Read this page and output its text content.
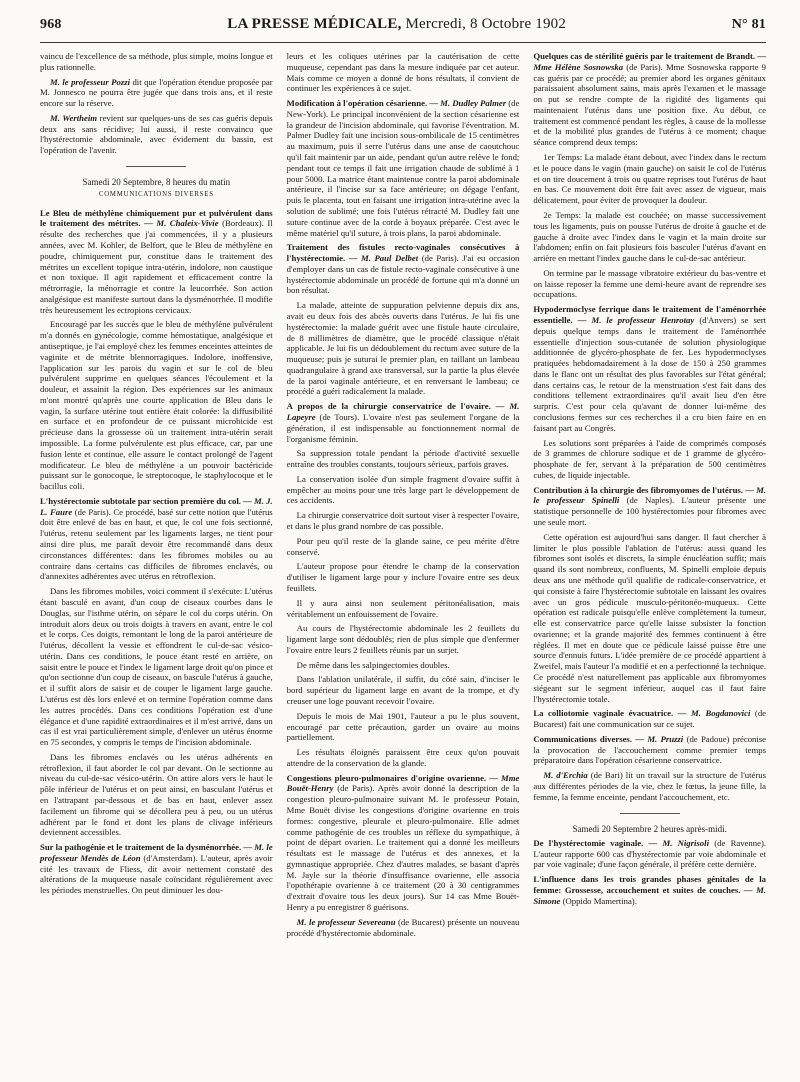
968	LA PRESSE MÉDICALE, Mercredi, 8 Octobre 1902	N° 81

vaincu de l'excellence de sa méthode, plus simple, moins longue et plus rationnelle.

M. le professeur Pozzi dit que l'opération étendue proposée par M. Jonnesco ne pourra être jugée que dans trois ans, et il reste encore sur la réserve.

M. Wertheim revient sur quelques-uns de ses cas guéris depuis deux ans sans récidive; lui aussi, il reste convaincu que l'hystérectomie abdominale, avec évidement du bassin, est l'opération de l'avenir.

Samedi 20 Septembre, 8 heures du matin
COMMUNICATIONS DIVERSES

Le Bleu de méthylène chimiquement pur et pulvérulent dans le traitement des métrites. — M. Chaleix-Vivie (Bordeaux). Il résulte des recherches que j'ai commencées, il y a plusieurs années, avec M. Kohler, de Belfort, que le Bleu de méthylène en poudre, chimiquement pur, constitue dans le traitement des métrites un excellent topique intra-utérin, indolore, non caustique et non toxique. Il agit rapidement et efficacement contre la métrorragie, la ménorragie et contre la leucorrhée. Son action analgésique est manifeste surtout dans la dysménorrhée. Il modifie très heureusement les ectropions cervicaux.

Encouragé par les succès que le bleu de méthylène pulvérulent m'a donnés en gynécologie, comme hémostatique, analgésique et antiseptique, je l'ai employé chez les femmes enceintes atteintes de vaginite et de métrite blennorragiques. Indolore, inoffensive, l'application sur les parois du vagin et sur le col de bleu pulvérulent supprime en quelques séances l'écoulement et la douleur, et assainit la région. Des expériences sur les animaux m'ont montré qu'après une courte application de Bleu dans le vagin, la surface utérine tout entière était colorée: la diffusibilité en surface et en profondeur de ce puissant microbicide est précieuse dans la grossesse où un traitement intra-utérin serait impossible. La forme pulvérulente est plus efficace, car, par une fusion lente et continue, elle assure le contact prolongé de l'agent modificateur. Le bleu de méthylène a un pouvoir bactéricide puissant sur le gonocoque, le streptocoque, le staphylocoque et le bacillus coli.

L'hystérectomie subtotale par section première du col. — M. J. L. Faure (de Paris). Ce procédé, basé sur cette notion que l'utérus doit être enlevé de bas en haut, et que, le col une fois sectionné, l'utérus, retenu seulement par les ligaments larges, ne tient pour ainsi dire plus, me paraît devoir être recommandé dans deux circonstances différentes: dans les fibromes mobiles ou au contraire dans certains cas difficiles de fibromes enclavés, ou d'annexites adhérentes avec utérus en rétroflexion.

Dans les fibromes mobiles, voici comment il s'exécute: L'utérus étant basculé en avant, d'un coup de ciseaux courbes dans le Douglas, sur l'isthme utérin, on sépare le col du corps utérin. On introduit alors deux ou trois doigts à travers en avant, entre le col et le corps. Ces doigts, remontant le long de la paroi antérieure de l'utérus, décollent la vessie et effondrent le cul-de-sac vésico-utérin. Dans ces conditions, le pouce étant resté en arrière, on saisit entre le pouce et l'index le ligament large droit qu'on pince et qu'on sectionne d'un coup de ciseaux, on bascule l'utérus à gauche, et il suffit alors de saisir et de couper le ligament large gauche. L'utérus est dès lors enlevé et on termine l'opération comme dans les autres procédés. Dans ces conditions l'opération est d'une élégance et d'une rapidité extraordinaires et il m'est arrivé, dans un cas il est vrai particulièrement simple, d'enlever un utérus énorme en 75 secondes, y compris le temps de l'incision abdominale.

Dans les fibromes enclavés ou les utérus adhérents en rétroflexion, il faut aborder le col par devant. On le sectionne au niveau du cul-de-sac vésico-utérin. On attire alors vers le haut le pôle inférieur de l'utérus et on peut ainsi, en basculant l'utérus et en l'attrapant par-dessous et de bas en haut, enlever assez facilement un fibrome qui se décollera peu à peu, ou un utérus adhérent par le fond et dont les plans de clivage inférieurs deviennent accessibles.

Sur la pathogénie et le traitement de la dysménorrhée. — M. le professeur Mendès de Léon (d'Amsterdam). L'auteur, après avoir cité les travaux de Fliess, dit avoir nettement constaté des altérations de la muqueuse nasale coïncidant régulièrement avec les périodes menstruelles. On peut diminuer les dou-

leurs et les coliques utérines par la cautérisation de cette muqueuse, cependant pas dans la mesure indiquée par cet auteur. Mais comme ce moyen a donné de bons résultats, il convient de continuer les expériences à ce sujet.

Modification à l'opération césarienne. — M. Dudley Palmer (de New-York). Le principal inconvénient de la section césarienne est la grandeur de l'incision abdominale, qui favorise l'éventration. M. Palmer Dudley fait une incision sous-ombilicale de 15 centimètres au maximum, puis il serre l'utérus dans une anse de caoutchouc qu'il fait maintenir par un aide, pendant qu'un autre relève le fond; pendant tout ce temps il fait une irrigation chaude de sublimé à 1 pour 5000. La matrice étant maintenue contre la paroi abdominale antérieure, il l'incise sur sa face antérieure; on dégage l'enfant, puis le placenta, tout en faisant une irrigation intra-utérine avec la solution de sublimé; une fois l'utérus rétracté M. Dudley fait une suture continue avec de la corde à boyaux préparée. C'est avec le même matériel qu'il suture, à trois plans, la paroi abdominale.

Traitement des fistules recto-vaginales consécutives à l'hystérectomie. — M. Paul Delbet (de Paris). J'ai eu occasion d'employer dans un cas de fistule recto-vaginale consécutive à une hystérectomie abdominale un procédé de fortune qui m'a donné un bon résultat.

La malade, atteinte de suppuration pelvienne depuis dix ans, avait eu deux fois des abcès ouverts dans l'utérus. Je lui fis une hystérectomie: la malade guérit avec une fistule haute circulaire, de 8 millimètres de diamètre, que le procédé classique n'était applicable. Je lui fis un dédoublement du rectum avec suture de la muqueuse; puis je suturai le premier plan, en taillant un lambeau quadrangulaire à grand axe transversal, sur la partie la plus élevée de la paroi vaginale antérieure, et en renversant le lambeau; ce procédé a guéri radicalement la malade.

A propos de la chirurgie conservatrice de l'ovaire. — M. Lapeyre (de Tours). L'ovaire n'est pas seulement l'organe de la génération, il est indispensable au fonctionnement normal de l'organisme féminin.

Sa suppression totale pendant la période d'activité sexuelle entraîne des troubles constants, toujours sérieux, parfois graves.

La conservation isolée d'un simple fragment d'ovaire suffit à empêcher au moins pour une très large part le développement de ces accidents.

La chirurgie conservatrice doit surtout viser à respecter l'ovaire, et dans le plus grand nombre de cas possible.

Pour peu qu'il reste de la glande saine, ce peu mérite d'être conservé.

L'auteur propose pour étendre le champ de la conservation d'utiliser le ligament large pour y inclure l'ovaire entre ses deux feuillets.

Il y aura ainsi non seulement péritonéalisation, mais véritablement un enfouissement de l'ovaire.

Au cours de l'hystérectomie abdominale les 2 feuillets du ligament large sont dédoublés; rien de plus simple que d'enfermer l'ovaire entre leurs 2 feuillets réunis par un surjet.

De même dans les salpingectomies doubles.

Dans l'ablation unilatérale, il suffit, du côté sain, d'inciser le bord supérieur du ligament large en avant de la trompe, et d'y creuser une loge pouvant recevoir l'ovaire.

Depuis le mois de Mai 1901, l'auteur a pu le plus souvent, encouragé par cette précaution, garder un ovaire au moins partiellement.

Les résultats éloignés paraissent être ceux qu'on pouvait attendre de la conservation de la glande.

Congestions pleuro-pulmonaires d'origine ovarienne. — Mme Bouët-Henry (de Paris). Après avoir donné la description de la congestion pleuro-pulmonaire suivant M. le professeur Potain, Mme Bouët divise les congestions d'origine ovarienne en trois formes: congestive, pleurale et pleuro-pulmonaire. Elle admet comme pathogénie de ces troubles un réflexe du sympathique, à point de départ ovarien. Le traitement qui a donné les meilleurs résultats est le massage de l'utérus et des annexes, et la gymnastique appropriée. Chez d'autres malades, se basant d'après M. Jayle sur la théorie d'insuffisance ovarienne, elle associa l'opothérapie ovarienne à ce traitement (20 à 30 centigrammes d'extrait d'ovaire tous les deux jours). Sur 14 cas Mme Bouët-Henry a pu enregistrer 8 guérisons.

M. le professeur Severeanu (de Bucarest) présente un nouveau procédé d'hystérectomie abdominale.

Quelques cas de stérilité guéris par le traitement de Brandt. — Mme Hélène Sosnowska (de Paris). Mme Sosnowska rapporte 9 cas guéris par ce procédé; au premier abord les organes génitaux paraissaient absolument sains, mais après l'examen et le massage on put se rendre compte de la rigidité des ligaments qui maintenaient l'utérus dans une position fixe. Au début, ce traitement est commencé pendant les règles, à cause de la mollesse et de la mobilité plus grandes de l'utérus à ce moment; chaque séance comprend deux temps:

1er Temps: La malade étant debout, avec l'index dans le rectum et le pouce dans le vagin (main gauche) on saisit le col de l'utérus et on tire doucement à trois ou quatre reprises tout l'utérus de haut en bas. Ce mouvement doit être fait avec assez de vigueur, mais délicatement, pour éviter de provoquer la douleur.

2e Temps: la malade est couchée; on masse successivement tous les ligaments, puis on pousse l'utérus de droite à gauche et de gauche à droite avec l'index dans le vagin et la main droite sur l'abdomen; enfin on fait plusieurs fois basculer l'utérus d'avant en arrière en mettant l'index gauche dans le cul-de-sac antérieur.

On termine par le massage vibratoire extérieur du bas-ventre et on laisse reposer la femme une demi-heure avant de reprendre ses occupations.

Hypodermoclyse ferrique dans le traitement de l'aménorrhée essentielle. — M. le professeur Henrotay (d'Anvers) se sert depuis quelque temps dans le traitement de l'aménorrhée essentielle d'injection sous-cutanée de solution physiologique additionnée de glycéro-phosphate de fer. Les hypodermoclyses pratiquées hebdomadairement à la dose de 150 à 250 grammes dans le flanc ont un résultat des plus favorables sur l'état général; dans certains cas, le retour de la menstruation s'est fait dans des conditions tellement extraordinaires qu'il avait lieu d'en être surpris. C'est pour cela qu'avant de donner lui-même des conclusions fermes sur ces recherches il a cru bien faire en en faisant part au Congrès.

Les solutions sont préparées à l'aide de comprimés composés de 3 grammes de chlorure sodique et de 1 gramme de glycéro-phosphate de fer, servant à la préparation de 500 centimètres cubes, de liquide injectable.

Contribution à la chirurgie des fibromyomes de l'utérus. — M. le professeur Spinelli (de Naples). L'auteur présente une statistique personnelle de 100 hystérectomies pour fibromes avec une seule mort.

Cette opération est aujourd'hui sans danger. Il faut chercher à limiter le plus possible l'ablation de l'utérus: aussi quand les fibromes sont isolés et discrets, la simple énucléation suffit; mais quand ils sont nombreux, confluents, M. Spinelli emploie depuis deux ans une méthode qu'il qualifie de radicale-conservatrice, et qui consiste à faire l'hystérectomie subtotale en laissant les ovaires avec un gros pédicule musculo-péritonéo-muqueux. Cette opération est radicale puisqu'elle enlève complètement la tumeur, elle est conservatrice parce qu'elle laisse subsister la fonction ovarienne; et la grande majorité des femmes continuent à être réglées. Il met en doute que ce pédicule laissé puisse être une source d'ennuis futurs. L'idée première de ce procédé appartient à Zweifel, mais l'auteur l'a modifié et en a perfectionné la technique. Ce procédé n'est naturellement pas applicable aux fibromyomes siégeant sur le segment inférieur, auquel cas il faut faire l'hystérectomie totale.

La colliotomie vaginale évacuatrice. — M. Bogdanovici (de Bucarest) fait une communication sur ce sujet.

Communications diverses. — M. Pruzzi (de Padoue) préconise la provocation de l'accouchement comme premier temps préparatoire dans l'opération césarienne conservatrice.

M. d'Erchia (de Bari) lit un travail sur la structure de l'utérus aux différentes périodes de la vie, chez le fœtus, la jeune fille, la femme, la femme enceinte, pendant l'accouchement, etc.

Samedi 20 Septembre 2 heures après-midi.

De l'hystérectomie vaginale. — M. Nigrisoli (de Ravenne). L'auteur rapporte 600 cas d'hystérectomie par voie abdominale et par voie vaginale; d'une façon générale, il préfère cette dernière.

L'influence dans les trois grandes phases génitales de la femme: Grossesse, accouchement et suites de couches. — M. Simone (Oppido Mamertina).
